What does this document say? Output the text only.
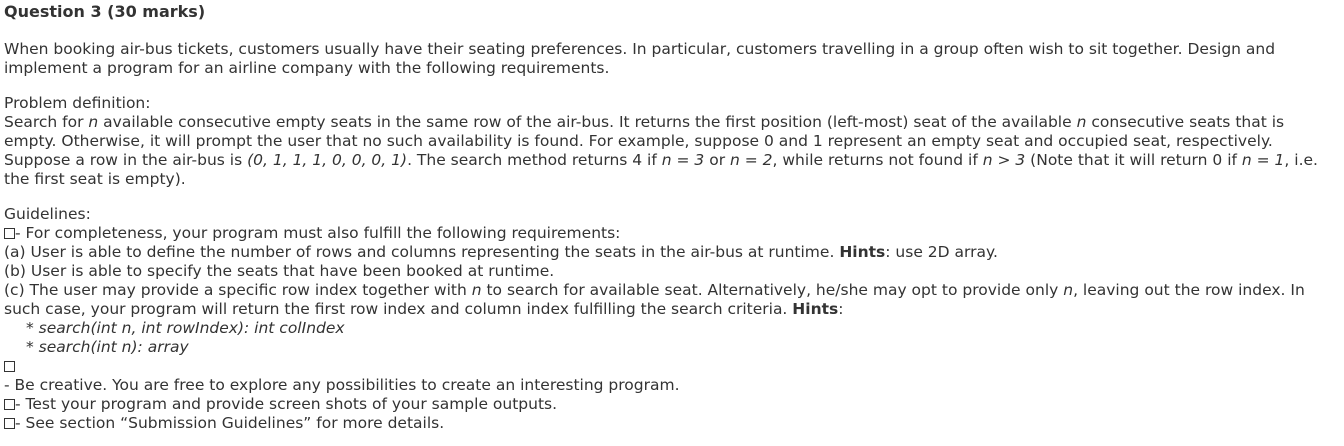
Question 3 (30 marks)

When booking air-bus tickets, customers usually have their seating preferences. In particular, customers travelling in a group often wish to sit together. Design and implement a program for an airline company with the following requirements.

Problem definition:

Search for n available consecutive empty seats in the same row of the air-bus. It returns the first position (left-most) seat of the available n consecutive seats that is empty. Otherwise, it will prompt the user that no such availability is found. For example, suppose 0 and 1 represent an empty seat and occupied seat, respectively. Suppose a row in the air-bus is (0, 1, 1, 1, 0, 0, 0, 1). The search method returns 4 if n = 3 or n = 2, while returns not found if n > 3 (Note that it will return 0 if n = 1, i.e. the first seat is empty).

Guidelines:

- For completeness, your program must also fulfill the following requirements:

(a) User is able to define the number of rows and columns representing the seats in the air-bus at runtime. Hints: use 2D array.

(b) User is able to specify the seats that have been booked at runtime.

(c) The user may provide a specific row index together with n to search for available seat. Alternatively, he/she may opt to provide only n, leaving out the row index. In such case, your program will return the first row index and column index fulfilling the search criteria. Hints:

* search(int n, int rowIndex): int colIndex

* search(int n): array

- Be creative. You are free to explore any possibilities to create an interesting program.

- Test your program and provide screen shots of your sample outputs.

- See section “Submission Guidelines” for more details.
